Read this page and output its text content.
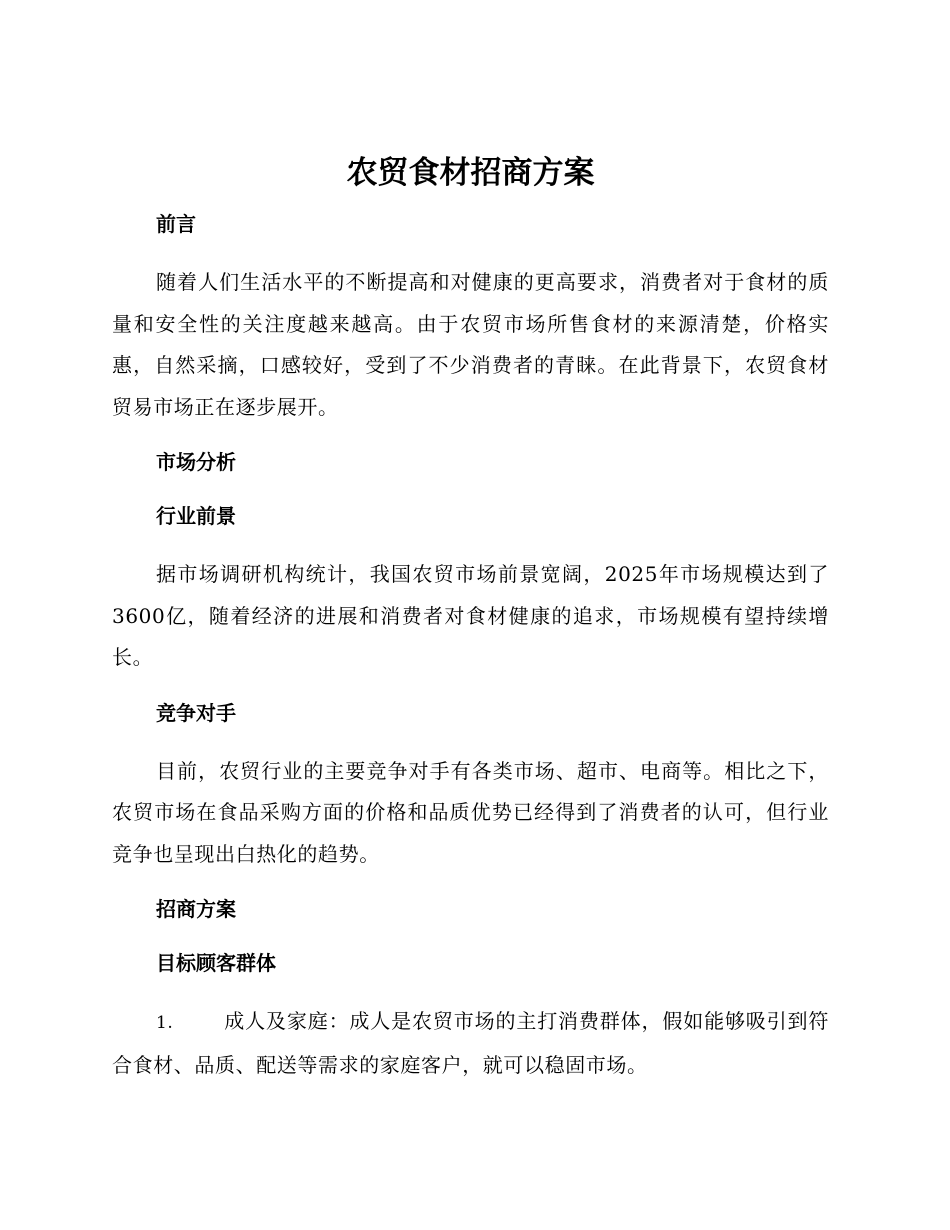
农贸食材招商方案
前言

随着人们生活水平的不断提高和对健康的更高要求，消费者对于食材的质量和安全性的关注度越来越高。由于农贸市场所售食材的来源清楚，价格实惠，自然采摘，口感较好，受到了不少消费者的青睐。在此背景下，农贸食材贸易市场正在逐步展开。

市场分析
行业前景

据市场调研机构统计，我国农贸市场前景宽阔，2025年市场规模达到了3600亿，随着经济的进展和消费者对食材健康的追求，市场规模有望持续增长。

竞争对手

目前，农贸行业的主要竞争对手有各类市场、超市、电商等。相比之下，农贸市场在食品采购方面的价格和品质优势已经得到了消费者的认可，但行业竞争也呈现出白热化的趋势。

招商方案
目标顾客群体

1.	成人及家庭：成人是农贸市场的主打消费群体，假如能够吸引到符合食材、品质、配送等需求的家庭客户，就可以稳固市场。
